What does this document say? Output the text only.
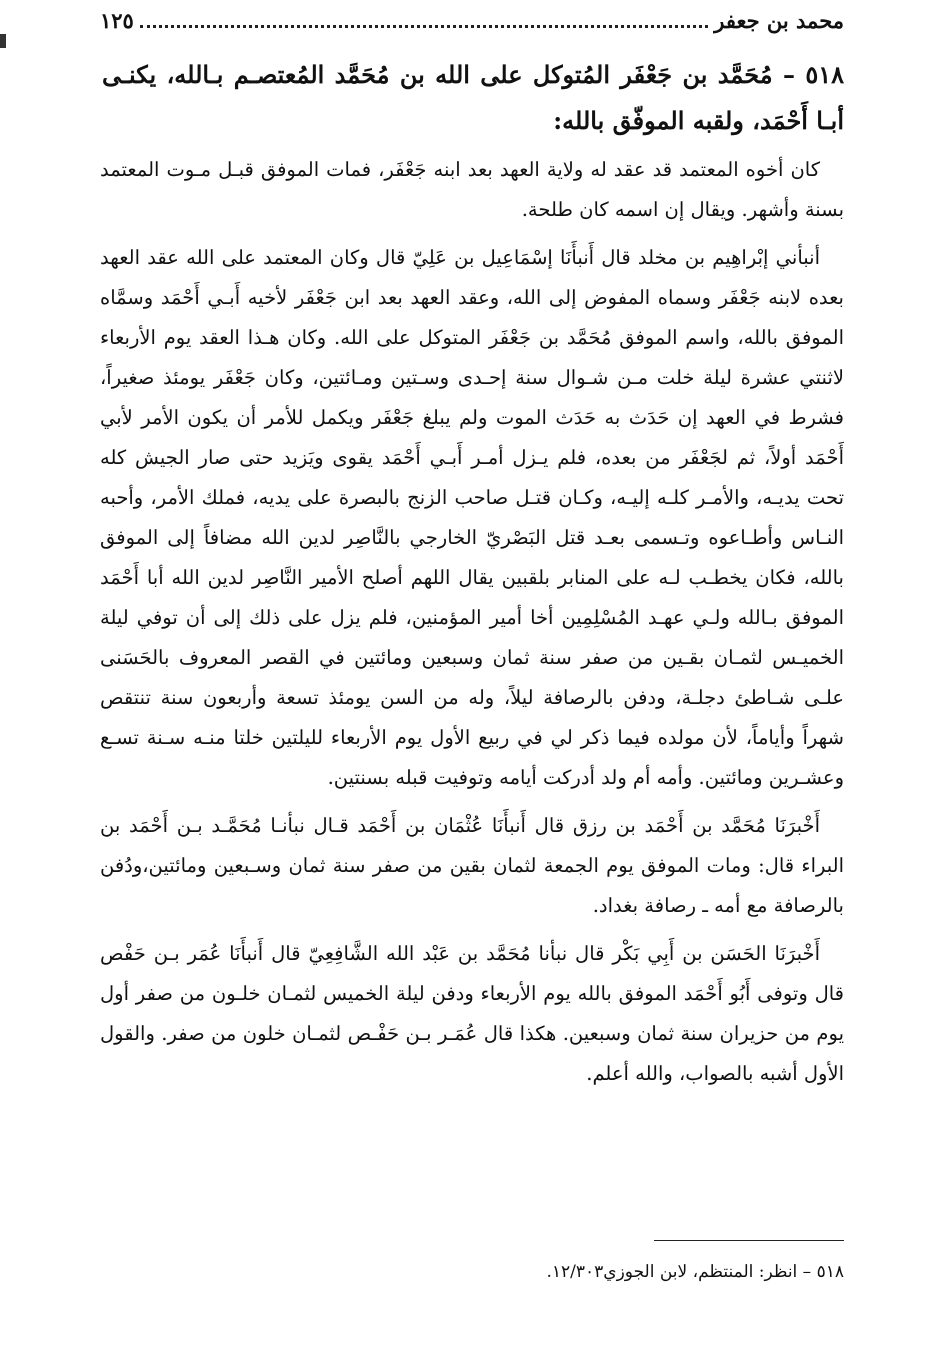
محمد بن جعفر
١٢٥
٥١٨ – مُحَمَّد بن جَعْفَر المُتوكل على الله بن مُحَمَّد المُعتصـم بـالله، يكنـى أبـا أَحْمَد، ولقبه الموفّق بالله:

كان أخوه المعتمد قد عقد له ولاية العهد بعد ابنه جَعْفَر، فمات الموفق قبـل مـوت المعتمد بسنة وأشهر. ويقال إن اسمه كان طلحة.

أنبأني إبْراهِيم بن مخلد قال أَنبأَنَا إسْمَاعِيل بن عَلِيّ قال وكان المعتمد على الله عقد العهد بعده لابنه جَعْفَر وسماه المفوض إلى الله، وعقد العهد بعد ابن جَعْفَر لأخيه أَبـي أَحْمَد وسمَّاه الموفق بالله، واسم الموفق مُحَمَّد بن جَعْفَر المتوكل على الله. وكان هـذا العقد يوم الأربعاء لاثنتي عشرة ليلة خلت مـن شـوال سنة إحـدى وسـتين ومـائتين، وكان جَعْفَر يومئذ صغيراً، فشرط في العهد إن حَدَث به حَدَث الموت ولم يبلغ جَعْفَر ويكمل للأمر أن يكون الأمر لأبي أَحْمَد أولاً، ثم لجَعْفَر من بعده، فلم يـزل أمـر أَبـي أَحْمَد يقوى ويَزيد حتى صار الجيش كله تحت يديـه، والأمـر كلـه إليـه، وكـان قتـل صاحب الزنج بالبصرة على يديه، فملك الأمر، وأحبه النـاس وأطـاعوه وتـسمى بعـد قتل البَصْريّ الخارجي بالنَّاصِر لدين الله مضافاً إلى الموفق بالله، فكان يخطـب لـه على المنابر بلقبين يقال اللهم أصلح الأمير النَّاصِر لدين الله أبا أَحْمَد الموفق بـالله ولـي عهـد المُسْلِمِين أخا أمير المؤمنين، فلم يزل على ذلك إلى أن توفي ليلة الخميـس لثمـان بقـين من صفر سنة ثمان وسبعين ومائتين في القصر المعروف بالحَسَنى علـى شـاطئ دجلـة، ودفن بالرصافة ليلاً، وله من السن يومئذ تسعة وأربعون سنة تنتقص شهراً وأياماً، لأن مولده فيما ذكر لي في ربيع الأول يوم الأربعاء لليلتين خلتا منـه سـنة تسـع وعشـرين ومائتين. وأمه أم ولد أدركت أيامه وتوفيت قبله بسنتين.

أَخْبرَنَا مُحَمَّد بن أَحْمَد بن رزق قال أَنبأَنَا عُثْمَان بن أَحْمَد قـال نبأنـا مُحَمَّـد بـن أَحْمَد بن البراء قال: ومات الموفق يوم الجمعة لثمان بقين من صفر سنة ثمان وسـبعين ومائتين،ودُفن بالرصافة مع أمه ـ رصافة بغداد.

أَخْبرَنَا الحَسَن بن أَبِي بَكْر قال نبأنا مُحَمَّد بن عَبْد الله الشَّافِعِيّ قال أَنبأَنَا عُمَر بـن حَفْص قال وتوفى أَبُو أَحْمَد الموفق بالله يوم الأربعاء ودفن ليلة الخميس لثمـان خلـون من صفر أول يوم من حزيران سنة ثمان وسبعين. هكذا قال عُمَـر بـن حَفْـص لثمـان خلون من صفر. والقول الأول أشبه بالصواب، والله أعلم.

٥١٨ – انظر: المنتظم، لابن الجوزي١٢/٣٠٣.
